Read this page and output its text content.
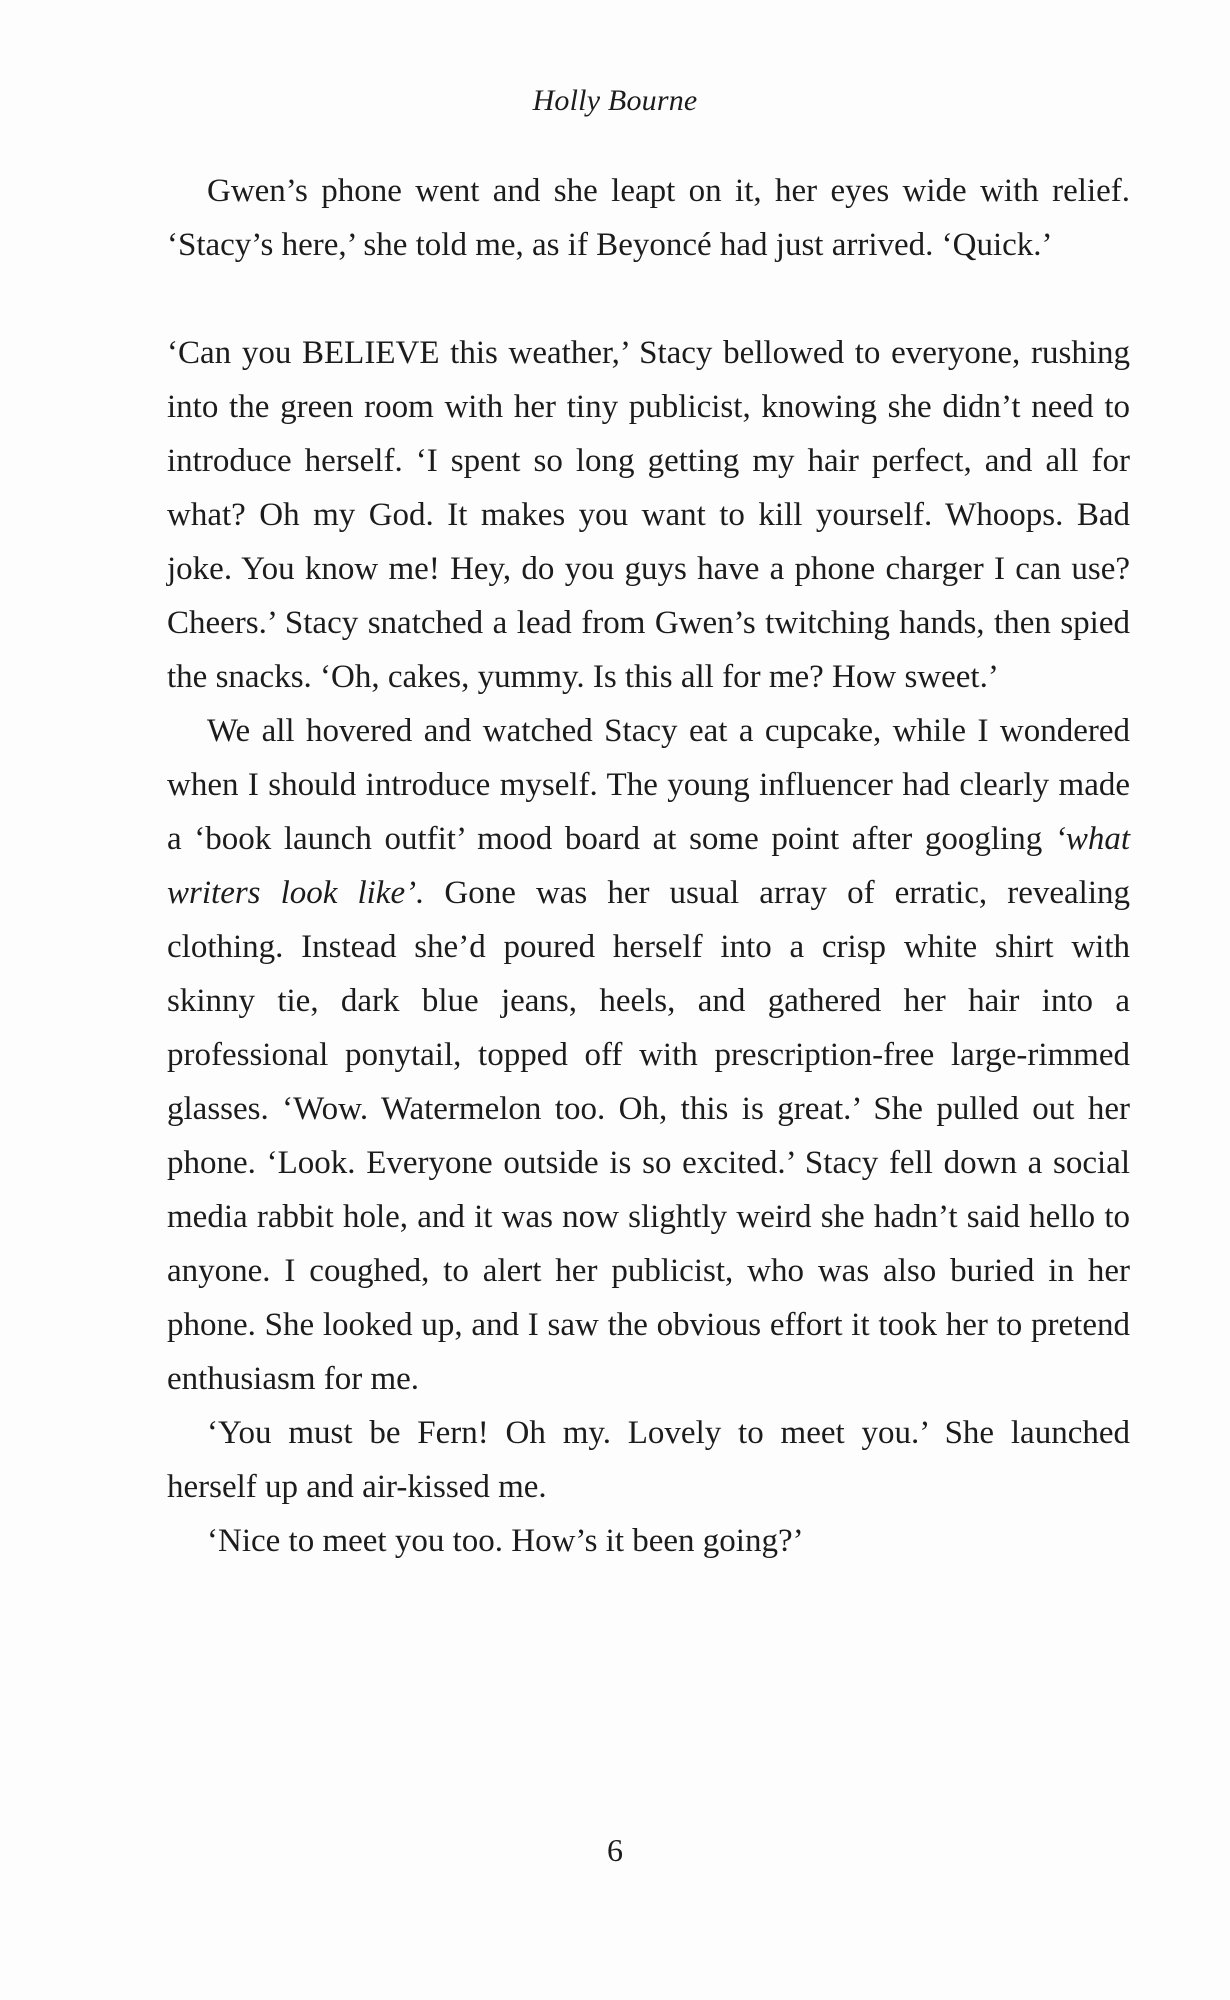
Holly Bourne

Gwen’s phone went and she leapt on it, her eyes wide with relief. ‘Stacy’s here,’ she told me, as if Beyoncé had just arrived. ‘Quick.’

‘Can you BELIEVE this weather,’ Stacy bellowed to everyone, rushing into the green room with her tiny publicist, knowing she didn’t need to introduce herself. ‘I spent so long getting my hair perfect, and all for what? Oh my God. It makes you want to kill yourself. Whoops. Bad joke. You know me! Hey, do you guys have a phone charger I can use? Cheers.’ Stacy snatched a lead from Gwen’s twitching hands, then spied the snacks. ‘Oh, cakes, yummy. Is this all for me? How sweet.’

We all hovered and watched Stacy eat a cupcake, while I wondered when I should introduce myself. The young influencer had clearly made a ‘book launch outfit’ mood board at some point after googling ‘what writers look like’. Gone was her usual array of erratic, revealing clothing. Instead she’d poured herself into a crisp white shirt with skinny tie, dark blue jeans, heels, and gathered her hair into a professional ponytail, topped off with prescription-free large-rimmed glasses. ‘Wow. Watermelon too. Oh, this is great.’ She pulled out her phone. ‘Look. Everyone outside is so excited.’ Stacy fell down a social media rabbit hole, and it was now slightly weird she hadn’t said hello to anyone. I coughed, to alert her publicist, who was also buried in her phone. She looked up, and I saw the obvious effort it took her to pretend enthusiasm for me.

‘You must be Fern! Oh my. Lovely to meet you.’ She launched herself up and air-kissed me.

‘Nice to meet you too. How’s it been going?’

6
